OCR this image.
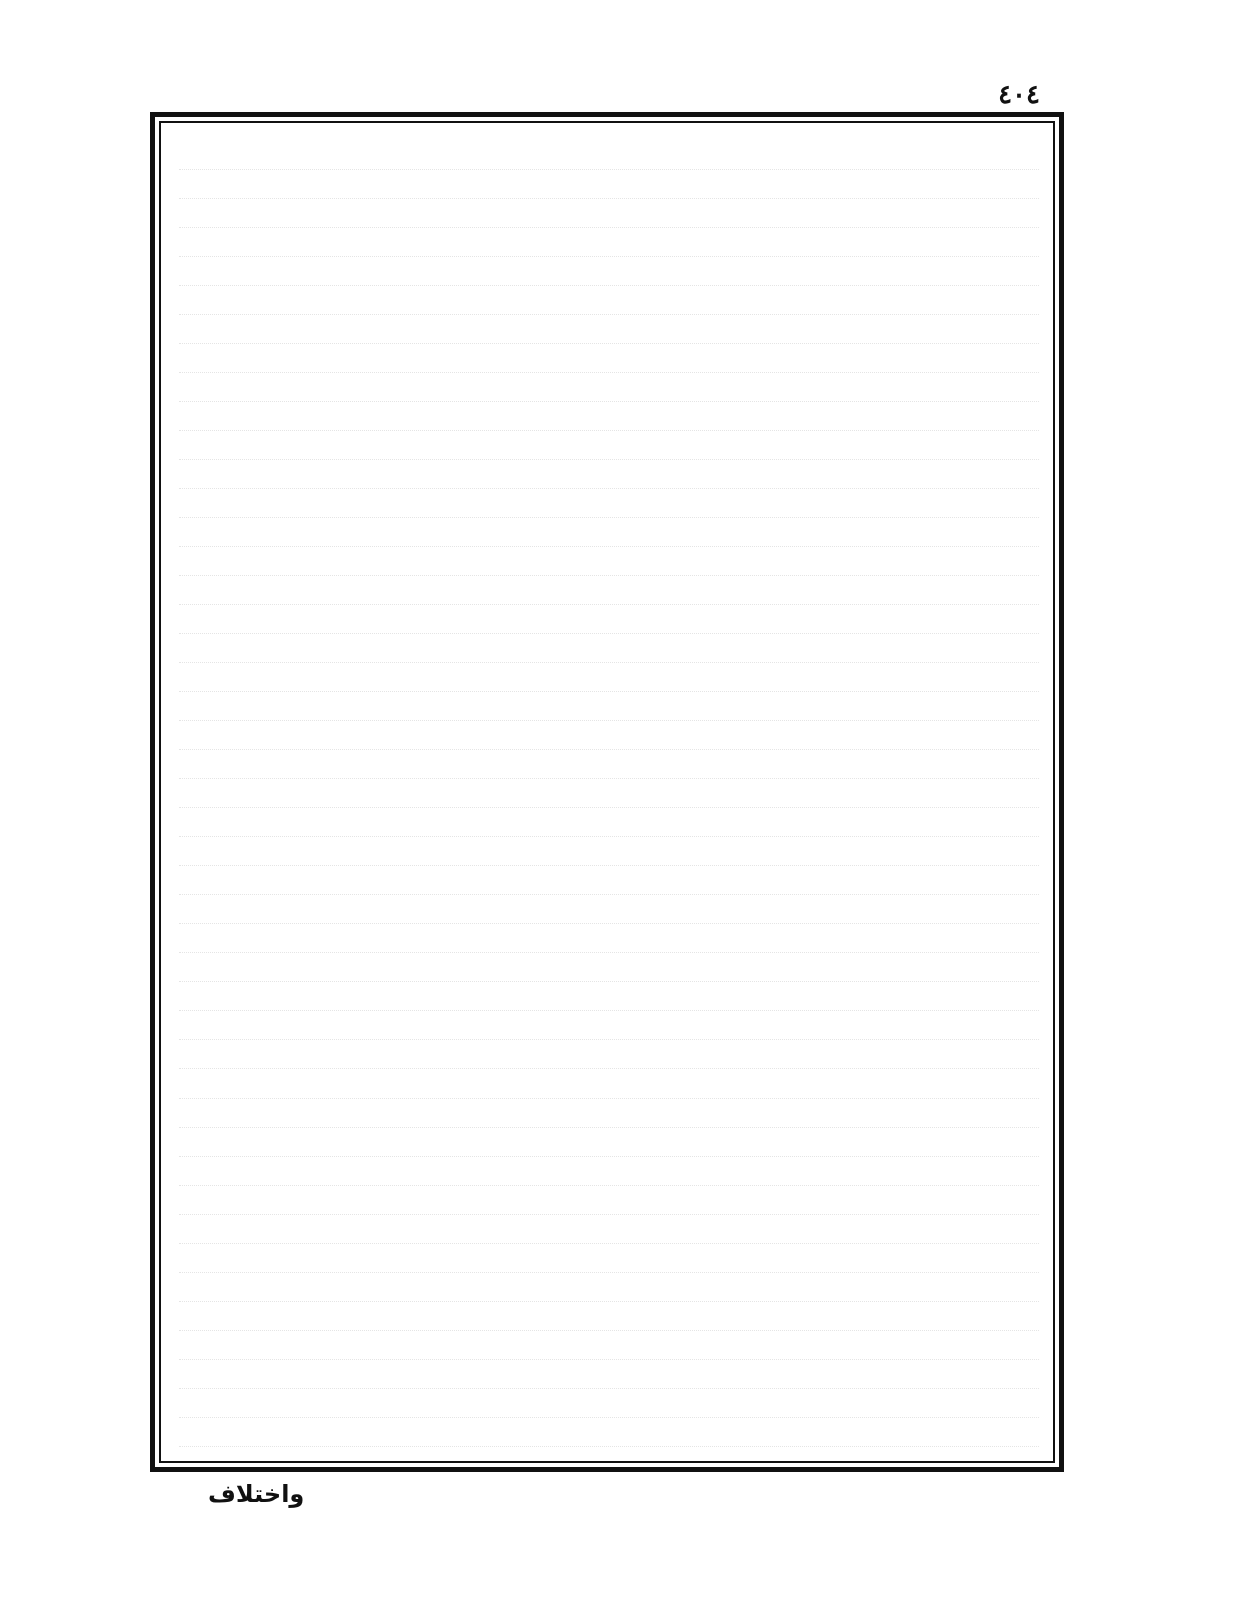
٤٠٤
واختلاف
